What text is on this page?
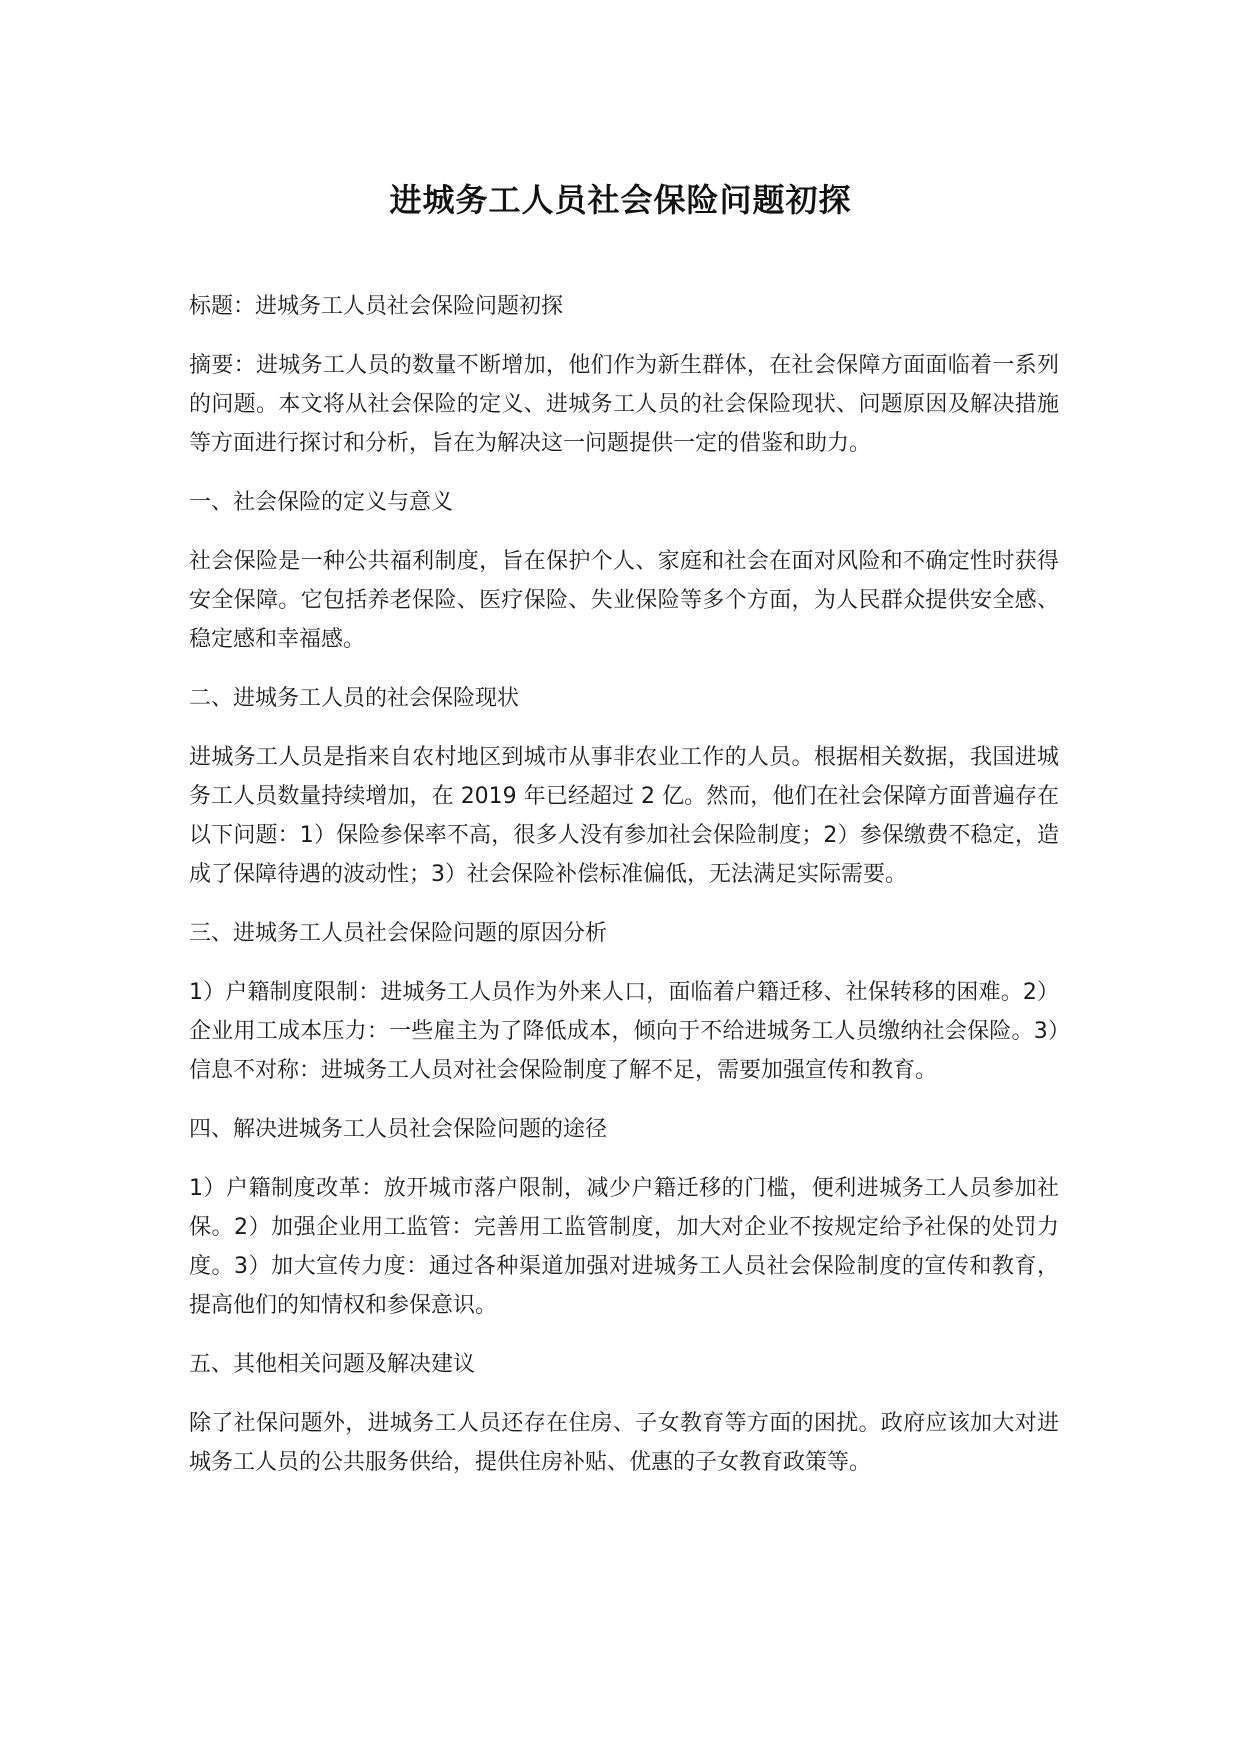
进城务工人员社会保险问题初探

标题：进城务工人员社会保险问题初探

摘要：进城务工人员的数量不断增加，他们作为新生群体，在社会保障方面面临着一系列的问题。本文将从社会保险的定义、进城务工人员的社会保险现状、问题原因及解决措施等方面进行探讨和分析，旨在为解决这一问题提供一定的借鉴和助力。

一、社会保险的定义与意义

社会保险是一种公共福利制度，旨在保护个人、家庭和社会在面对风险和不确定性时获得安全保障。它包括养老保险、医疗保险、失业保险等多个方面，为人民群众提供安全感、稳定感和幸福感。

二、进城务工人员的社会保险现状

进城务工人员是指来自农村地区到城市从事非农业工作的人员。根据相关数据，我国进城务工人员数量持续增加，在 2019 年已经超过 2 亿。然而，他们在社会保障方面普遍存在以下问题：1）保险参保率不高，很多人没有参加社会保险制度；2）参保缴费不稳定，造成了保障待遇的波动性；3）社会保险补偿标准偏低，无法满足实际需要。

三、进城务工人员社会保险问题的原因分析

1）户籍制度限制：进城务工人员作为外来人口，面临着户籍迁移、社保转移的困难。2）企业用工成本压力：一些雇主为了降低成本，倾向于不给进城务工人员缴纳社会保险。3）信息不对称：进城务工人员对社会保险制度了解不足，需要加强宣传和教育。

四、解决进城务工人员社会保险问题的途径

1）户籍制度改革：放开城市落户限制，减少户籍迁移的门槛，便利进城务工人员参加社保。2）加强企业用工监管：完善用工监管制度，加大对企业不按规定给予社保的处罚力度。3）加大宣传力度：通过各种渠道加强对进城务工人员社会保险制度的宣传和教育，提高他们的知情权和参保意识。

五、其他相关问题及解决建议

除了社保问题外，进城务工人员还存在住房、子女教育等方面的困扰。政府应该加大对进城务工人员的公共服务供给，提供住房补贴、优惠的子女教育政策等。
